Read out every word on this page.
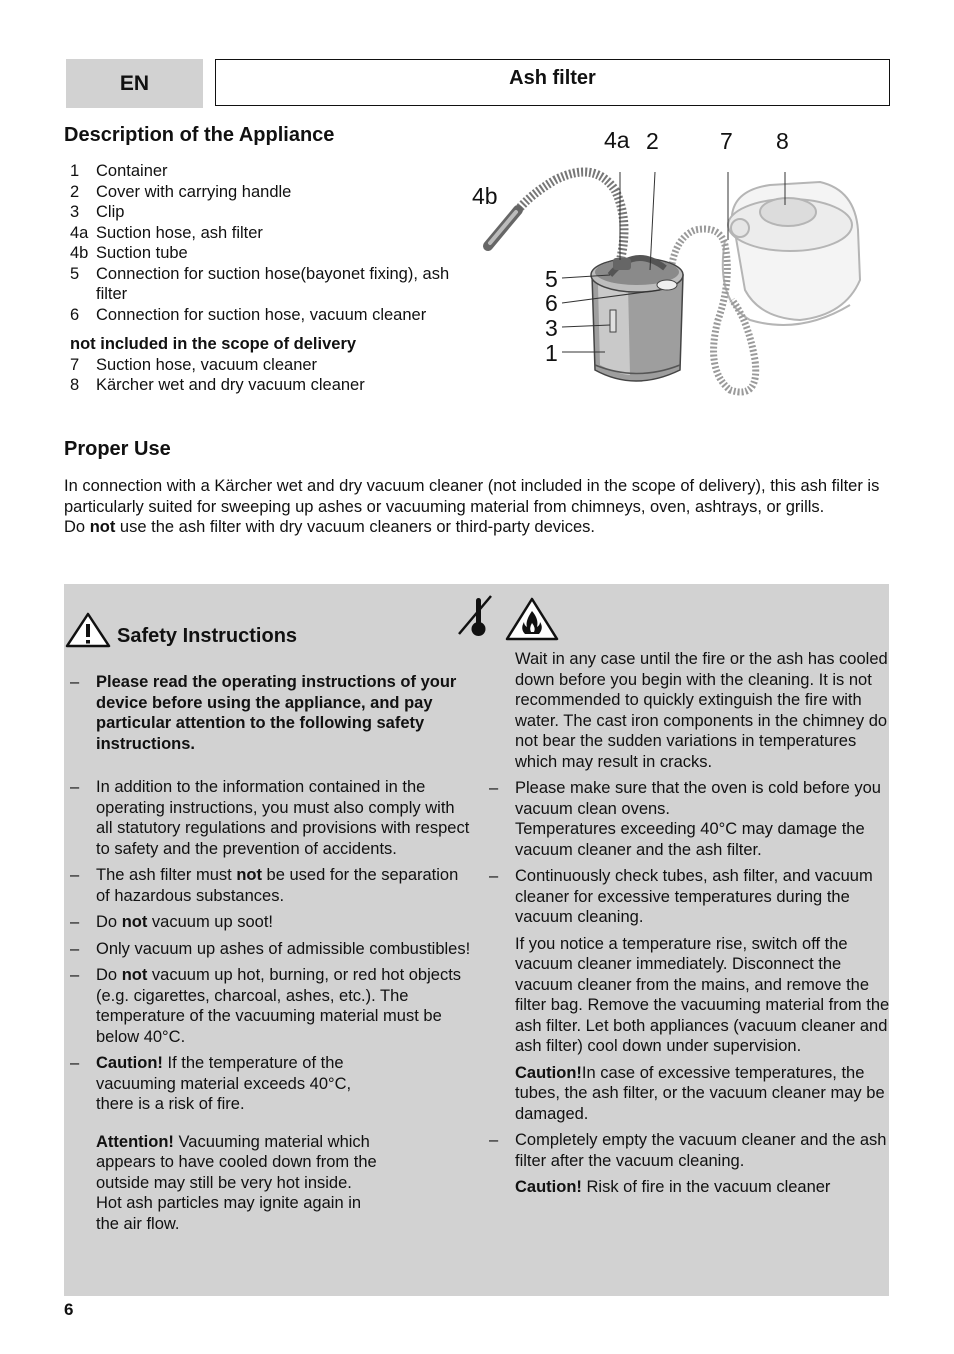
EN	Ash filter
Description of the Appliance
1	Container
2	Cover with carrying handle
3	Clip
4a Suction hose, ash filter
4b Suction tube
5	Connection for suction hose(bayonet fixing), ash filter
6	Connection for suction hose, vacuum cleaner
not included in the scope of delivery
7	Suction hose, vacuum cleaner
8	Kärcher wet and dry vacuum cleaner
4a 2	7 8
4b
5
6
3
1
Proper Use
In connection with a Kärcher wet and dry vacuum cleaner (not included in the scope of delivery), this ash filter is particularly suited for sweeping up ashes or vacuuming material from chimneys, oven, ashtrays, or grills.
Do not use the ash filter with dry vacuum cleaners or third-party devices.
Safety Instructions
–	Please read the operating instructions of your device before using the appliance, and pay particular attention to the following safety instructions.
–	In addition to the information contained in the operating instructions, you must also comply with all statutory regulations and provisions with respect to safety and the prevention of accidents.
–	The ash filter must not be used for the separation of hazardous substances.
–	Do not vacuum up soot!
–	Only vacuum up ashes of admissible combustibles!
–	Do not vacuum up hot, burning, or red hot objects (e.g. cigarettes, charcoal, ashes, etc.). The temperature of the vacuuming material must be below 40°C.
–	Caution! If the temperature of the vacuuming material exceeds 40°C, there is a risk of fire.
Attention! Vacuuming material which appears to have cooled down from the outside may still be very hot inside. Hot ash particles may ignite again in the air flow.
Wait in any case until the fire or the ash has cooled down before you begin with the cleaning. It is not recommended to quickly extinguish the fire with water. The cast iron components in the chimney do not bear the sudden variations in temperatures which may result in cracks.
–	Please make sure that the oven is cold before you vacuum clean ovens.
Temperatures exceeding 40°C may damage the vacuum cleaner and the ash filter.
–	Continuously check tubes, ash filter, and vacuum cleaner for excessive temperatures during the vacuum cleaning.
If you notice a temperature rise, switch off the vacuum cleaner immediately. Disconnect the vacuum cleaner from the mains, and remove the filter bag. Remove the vacuuming material from the ash filter. Let both appliances (vacuum cleaner and ash filter) cool down under supervision.
Caution!In case of excessive temperatures, the tubes, the ash filter, or the vacuum cleaner may be damaged.
–	Completely empty the vacuum cleaner and the ash filter after the vacuum cleaning.
Caution! Risk of fire in the vacuum cleaner
6
